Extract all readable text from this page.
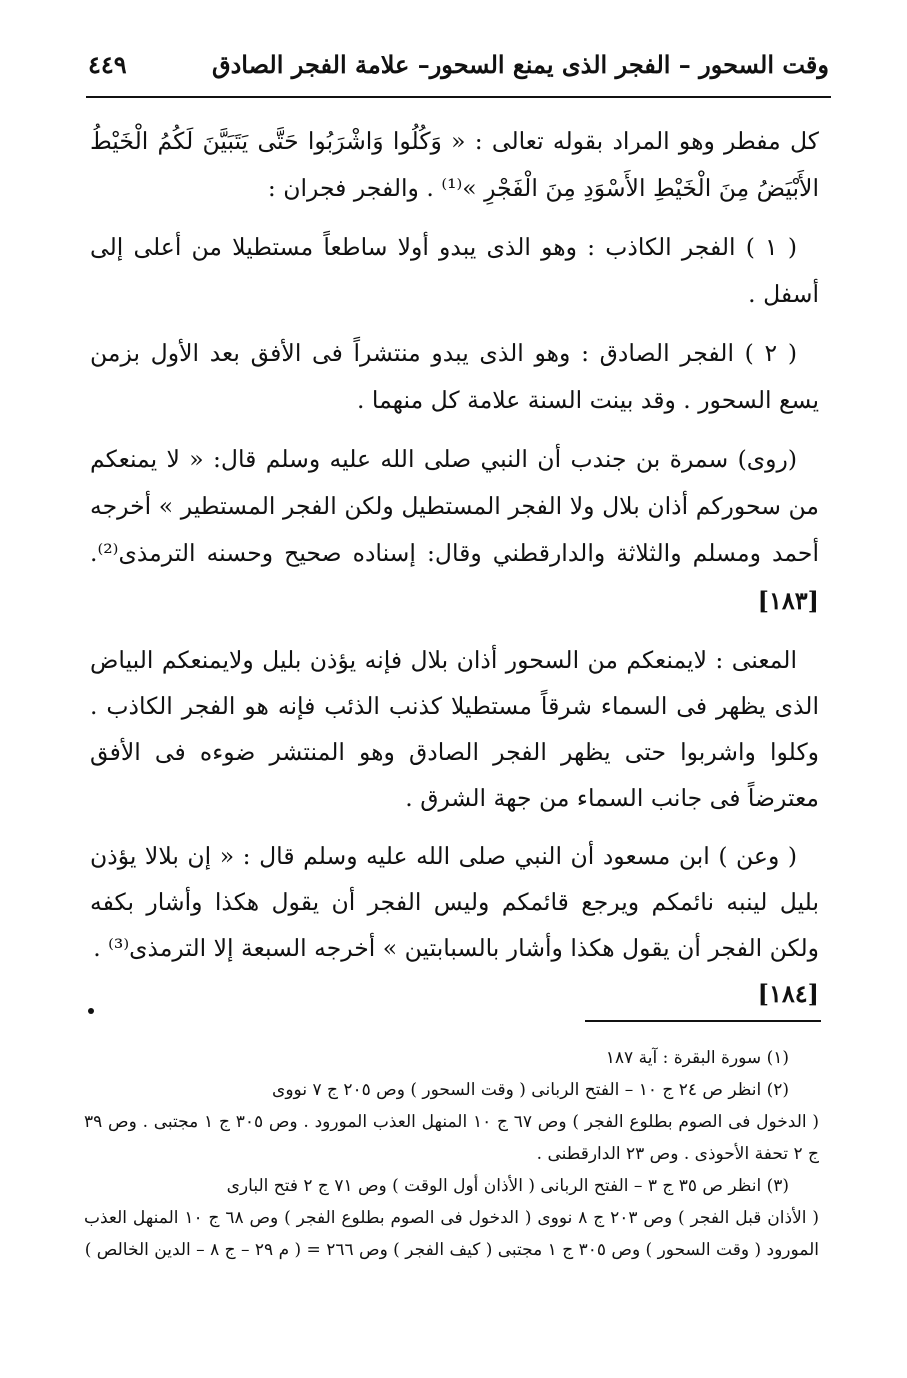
وقت السحور – الفجر الذى يمنع السحور– علامة الفجر الصادق
٤٤٩

كل مفطر وهو المراد بقوله تعالى : « وَكُلُوا وَاشْرَبُوا حَتَّى يَتَبَيَّنَ لَكُمُ الْخَيْطُ الأَبْيَضُ مِنَ الْخَيْطِ الأَسْوَدِ مِنَ الْفَجْرِ »⁽¹⁾ . والفجر فجران :

( ١ ) الفجر الكاذب : وهو الذى يبدو أولا ساطعاً مستطيلا من أعلى إلى أسفل .

( ٢ ) الفجر الصادق : وهو الذى يبدو منتشراً فى الأفق بعد الأول بزمن يسع السحور . وقد بينت السنة علامة كل منهما .

(روى) سمرة بن جندب أن النبي صلى الله عليه وسلم قال: « لا يمنعكم من سحوركم أذان بلال ولا الفجر المستطيل ولكن الفجر المستطير » أخرجه أحمد ومسلم والثلاثة والدارقطني وقال: إسناده صحيح وحسنه الترمذى⁽²⁾. [١٨٣]

المعنى : لايمنعكم من السحور أذان بلال فإنه يؤذن بليل ولايمنعكم البياض الذى يظهر فى السماء شرقاً مستطيلا كذنب الذئب فإنه هو الفجر الكاذب . وكلوا واشربوا حتى يظهر الفجر الصادق وهو المنتشر ضوءه فى الأفق معترضاً فى جانب السماء من جهة الشرق .

( وعن ) ابن مسعود أن النبي صلى الله عليه وسلم قال : « إن بلالا يؤذن بليل لينبه نائمكم ويرجع قائمكم وليس الفجر أن يقول هكذا وأشار بكفه ولكن الفجر أن يقول هكذا وأشار بالسبابتين » أخرجه السبعة إلا الترمذى⁽³⁾ .
[١٨٤]

(١) سورة البقرة : آية ١٨٧

(٢) انظر ص ٢٤ ج ١٠ – الفتح الربانى ( وقت السحور ) وص ٢٠٥ ج ٧ نووى

( الدخول فى الصوم بطلوع الفجر ) وص ٦٧ ج ١٠ المنهل العذب المورود . وص ٣٠٥ ج ١ مجتبى . وص ٣٩ ج ٢ تحفة الأحوذى . وص ٢٣ الدارقطنى .

(٣) انظر ص ٣٥ ج ٣ – الفتح الربانى ( الأذان أول الوقت ) وص ٧١ ج ٢ فتح البارى

( الأذان قبل الفجر ) وص ٢٠٣ ج ٨ نووى ( الدخول فى الصوم بطلوع الفجر ) وص ٦٨ ج ١٠ المنهل العذب المورود ( وقت السحور ) وص ٣٠٥ ج ١ مجتبى ( كيف الفجر ) وص ٢٦٦ = ( م ٢٩ – ج ٨ – الدين الخالص )
